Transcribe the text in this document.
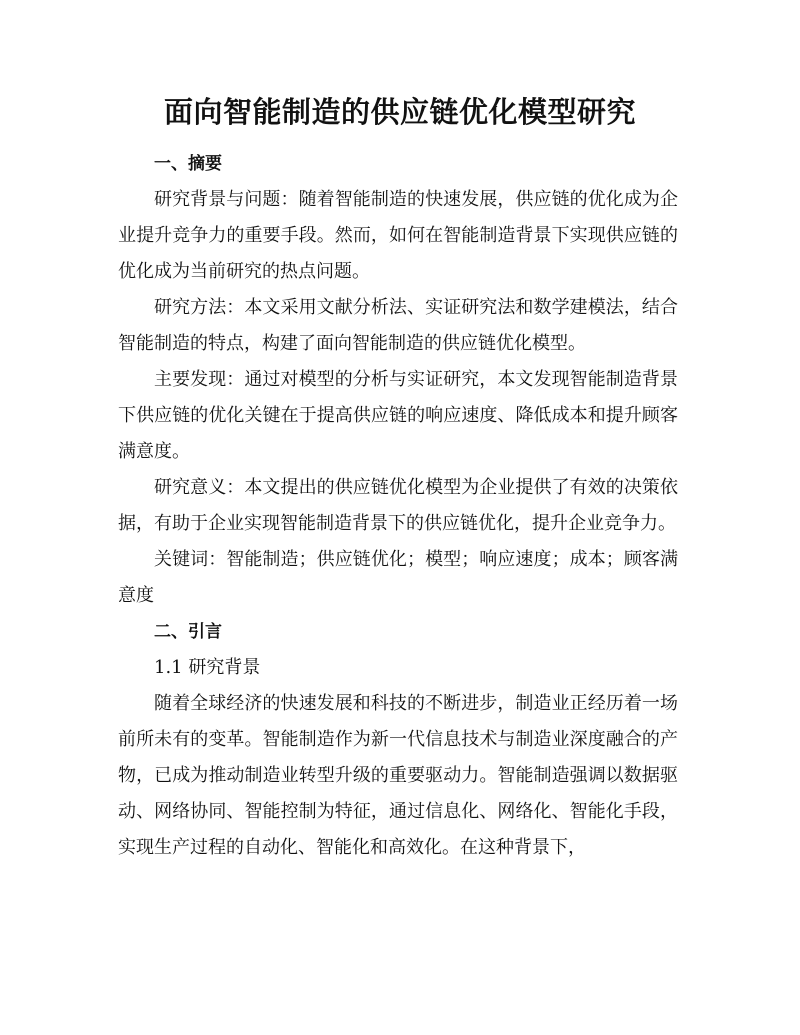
面向智能制造的供应链优化模型研究

一、摘要

研究背景与问题：随着智能制造的快速发展，供应链的优化成为企业提升竞争力的重要手段。然而，如何在智能制造背景下实现供应链的优化成为当前研究的热点问题。

研究方法：本文采用文献分析法、实证研究法和数学建模法，结合智能制造的特点，构建了面向智能制造的供应链优化模型。

主要发现：通过对模型的分析与实证研究，本文发现智能制造背景下供应链的优化关键在于提高供应链的响应速度、降低成本和提升顾客满意度。

研究意义：本文提出的供应链优化模型为企业提供了有效的决策依据，有助于企业实现智能制造背景下的供应链优化，提升企业竞争力。

关键词：智能制造；供应链优化；模型；响应速度；成本；顾客满意度

二、引言

1.1 研究背景

随着全球经济的快速发展和科技的不断进步，制造业正经历着一场前所未有的变革。智能制造作为新一代信息技术与制造业深度融合的产物，已成为推动制造业转型升级的重要驱动力。智能制造强调以数据驱动、网络协同、智能控制为特征，通过信息化、网络化、智能化手段，实现生产过程的自动化、智能化和高效化。在这种背景下，
